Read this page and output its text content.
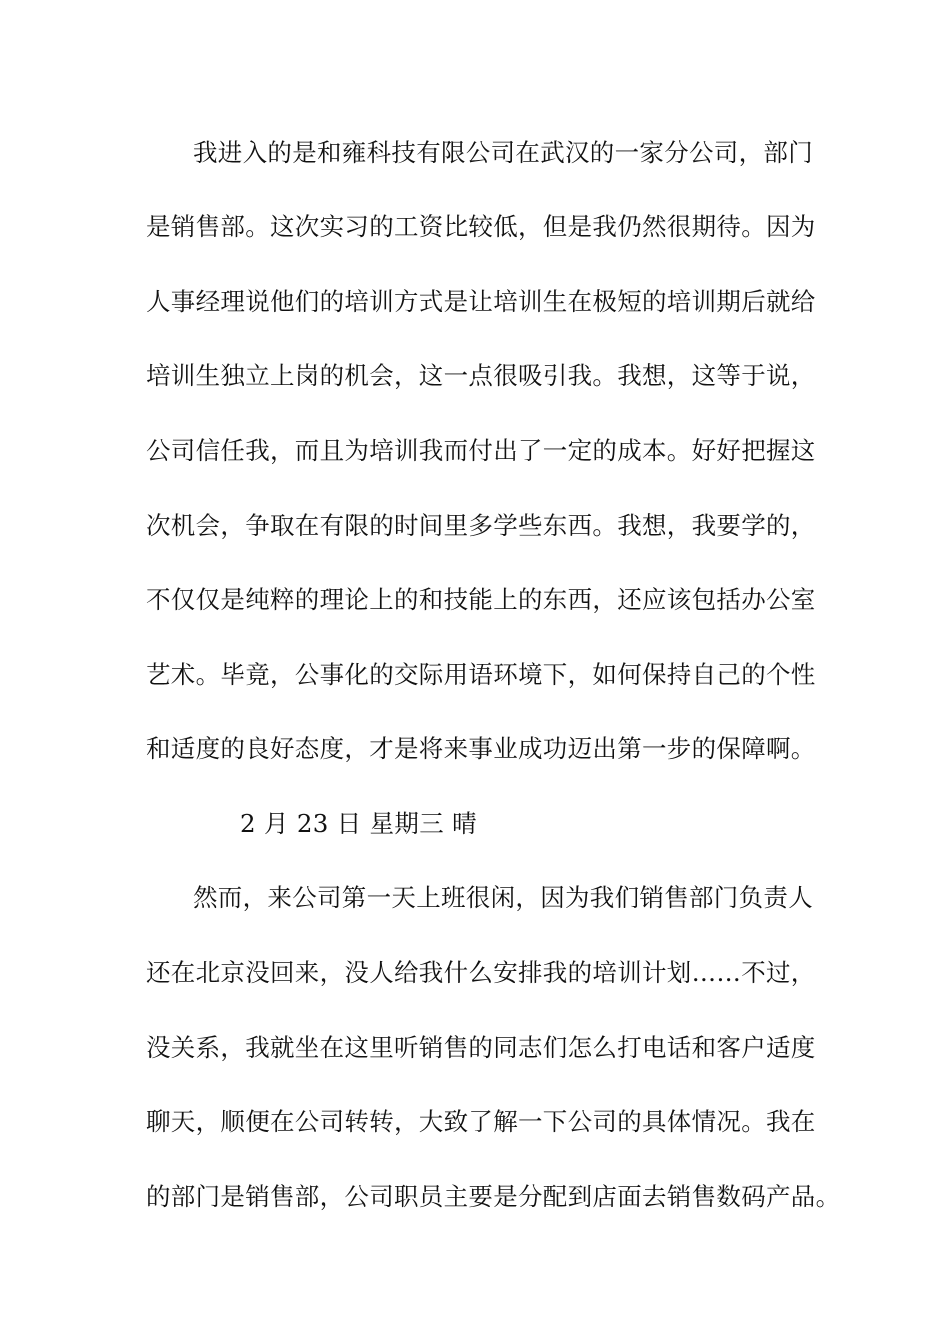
我进入的是和雍科技有限公司在武汉的一家分公司，部门
是销售部。这次实习的工资比较低，但是我仍然很期待。因为
人事经理说他们的培训方式是让培训生在极短的培训期后就给
培训生独立上岗的机会，这一点很吸引我。我想，这等于说，
公司信任我，而且为培训我而付出了一定的成本。好好把握这
次机会，争取在有限的时间里多学些东西。我想，我要学的，
不仅仅是纯粹的理论上的和技能上的东西，还应该包括办公室
艺术。毕竟，公事化的交际用语环境下，如何保持自己的个性
和适度的良好态度，才是将来事业成功迈出第一步的保障啊。
2 月 23 日 星期三 晴
然而，来公司第一天上班很闲，因为我们销售部门负责人
还在北京没回来，没人给我什么安排我的培训计划……不过，
没关系，我就坐在这里听销售的同志们怎么打电话和客户适度
聊天，顺便在公司转转，大致了解一下公司的具体情况。我在
的部门是销售部，公司职员主要是分配到店面去销售数码产品。
